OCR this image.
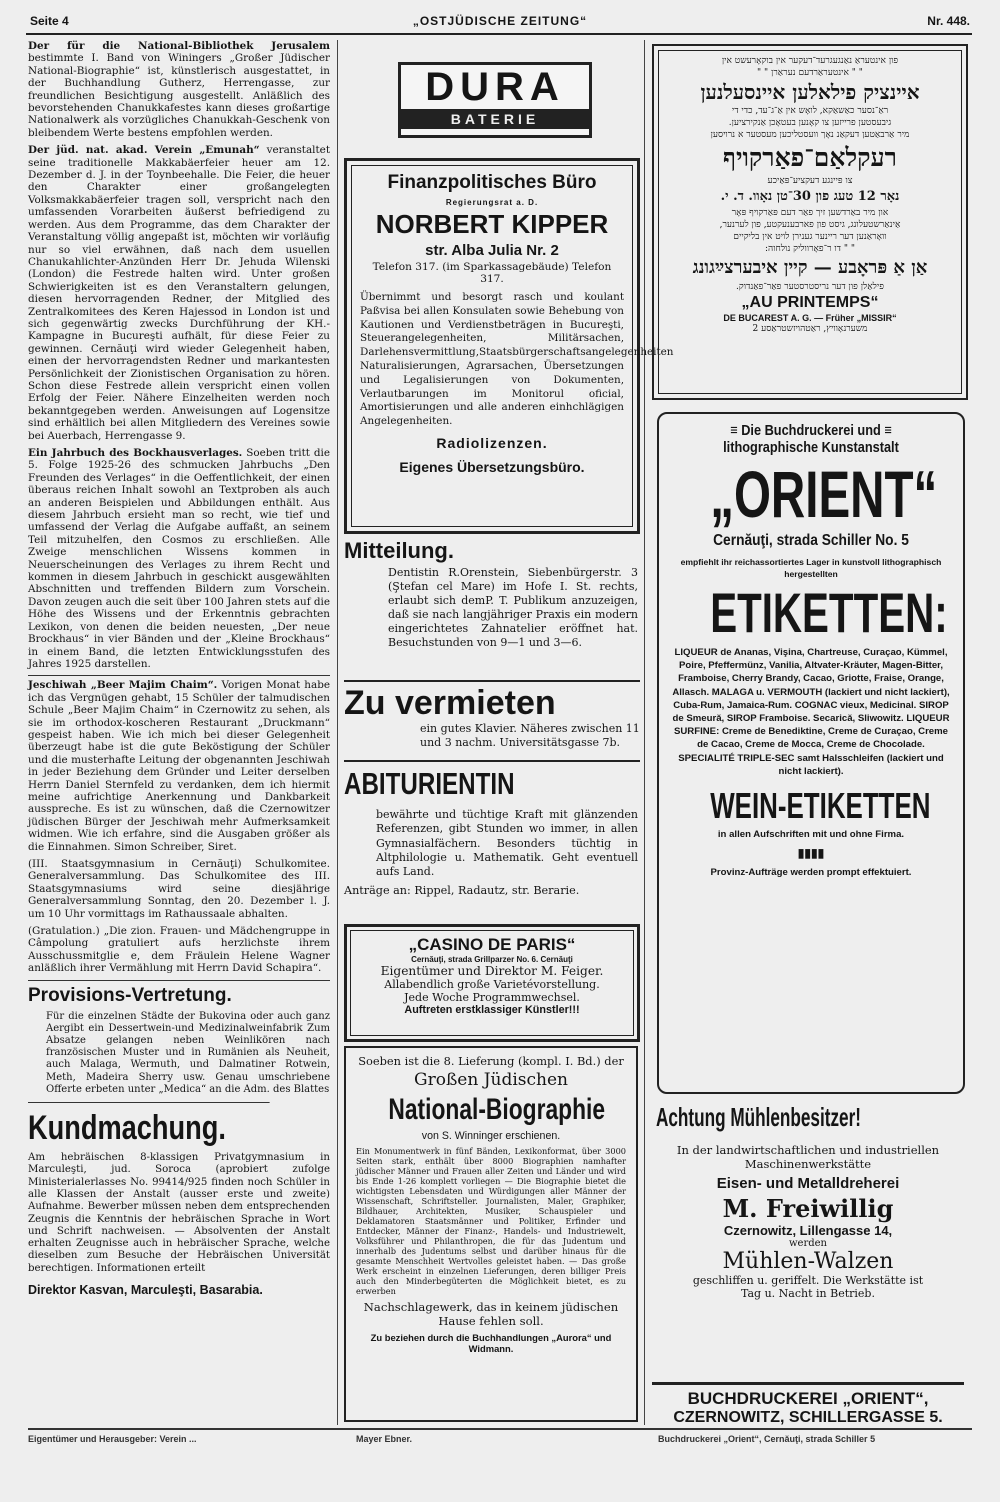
Seite 4	„OSTJÜDISCHE ZEITUNG“	Nr. 448.

Der für die National-Bibliothek Jerusalem bestimmte I. Band von Winingers „Großer Jüdischer National-Biographie“ ist, künstlerisch ausgestattet, in der Buchhandlung Gutherz, Herrengasse, zur freundlichen Besichtigung ausgestellt. Anläßlich des bevorstehenden Chanukkafestes kann dieses großartige Nationalwerk als vorzügliches Chanukkah-Geschenk von bleibendem Werte bestens empfohlen werden.

Der jüd. nat. akad. Verein „Emunah“ veranstaltet seine traditionelle Makkabäerfeier heuer am 12. Dezember d. J. in der Toynbeehalle. Die Feier, die heuer den Charakter einer großangelegten Volksmakkabäerfeier tragen soll, verspricht nach den umfassenden Vorarbeiten äußerst befriedigend zu werden. Aus dem Programme, das dem Charakter der Veranstaltung völlig angepaßt ist, möchten wir vorläufig nur so viel erwähnen, daß nach dem usuellen Chanukahlichter-Anzünden Herr Dr. Jehuda Wilenski (London) die Festrede halten wird. Unter großen Schwierigkeiten ist es den Veranstaltern gelungen, diesen hervorragenden Redner, der Mitglied des Zentralkomitees des Keren Hajessod in London ist und sich gegenwärtig zwecks Durchführung der KH.-Kampagne in Bucureşti aufhält, für diese Feier zu gewinnen. Cernăuţi wird wieder Gelegenheit haben, einen der hervorragendsten Redner und markantesten Persönlichkeit der Zionistischen Organisation zu hören. Schon diese Festrede allein verspricht einen vollen Erfolg der Feier. Nähere Einzelheiten werden noch bekanntgegeben werden. Anweisungen auf Logensitze sind erhältlich bei allen Mitgliedern des Vereines sowie bei Auerbach, Herrengasse 9.

Ein Jahrbuch des Bockhausverlages. Soeben tritt die 5. Folge 1925-26 des schmucken Jahrbuchs „Den Freunden des Verlages“ in die Oeffentlichkeit, der einen überaus reichen Inhalt sowohl an Textproben als auch an anderen Beispielen und Abbildungen enthält. Aus diesem Jahrbuch ersieht man so recht, wie tief und umfassend der Verlag die Aufgabe auffaßt, an seinem Teil mitzuhelfen, den Cosmos zu erschließen. Alle Zweige menschlichen Wissens kommen in Neuerscheinungen des Verlages zu ihrem Recht und kommen in diesem Jahrbuch in geschickt ausgewählten Abschnitten und treffenden Bildern zum Vorschein. Davon zeugen auch die seit über 100 Jahren stets auf die Höhe des Wissens und der Erkenntnis gebrachten Lexikon, von denen die beiden neuesten, „Der neue Brockhaus“ in vier Bänden und der „Kleine Brockhaus“ in einem Band, die letzten Entwicklungsstufen des Jahres 1925 darstellen.

Jeschiwah „Beer Majim Chaim“. Vorigen Monat habe ich das Vergnügen gehabt, 15 Schüler der talmudischen Schule „Beer Majim Chaim“ in Czernowitz zu sehen, als sie im orthodox-koscheren Restaurant „Druckmann“ gespeist haben. Wie ich mich bei dieser Gelegenheit überzeugt habe ist die gute Beköstigung der Schüler und die musterhafte Leitung der obgenannten Jeschiwah in jeder Beziehung dem Gründer und Leiter derselben Herrn Daniel Sternfeld zu verdanken, dem ich hiermit meine aufrichtige Anerkennung und Dankbarkeit ausspreche. Es ist zu wünschen, daß die Czernowitzer jüdischen Bürger der Jeschiwah mehr Aufmerksamkeit widmen. Wie ich erfahre, sind die Ausgaben größer als die Einnahmen. Simon Schreiber, Siret.

(III. Staatsgymnasium in Cernăuţi) Schulkomitee. Generalversammlung. Das Schulkomitee des III. Staatsgymnasiums wird seine diesjährige Generalversammlung Sonntag, den 20. Dezember l. J. um 10 Uhr vormittags im Rathaussaale abhalten.

(Gratulation.) „Die zion. Frauen- und Mädchengruppe in Câmpolung gratuliert aufs herzlichste ihrem Ausschussmitglie e, dem Fräulein Helene Wagner anläßlich ihrer Vermählung mit Herrn David Schapira“.

Provisions-Vertretung.
Für die einzelnen Städte der Bukovina oder auch ganz Aergibt ein Dessertwein-und Medizinalweinfabrik Zum Absatze gelangen neben Weinlikören nach französischen Muster und in Rumänien als Neuheit, auch Malaga, Wermuth, und Dalmatiner Rotwein, Meth, Madeira Sherry usw. Genau umschriebene Offerte erbeten unter „Medica“ an die Adm. des Blattes
Kundmachung.
Am hebräischen 8-klassigen Privatgymnasium in Marculeşti, jud. Soroca (aprobiert zufolge Ministerialerlasses No. 99414/925 finden noch Schüler in alle Klassen der Anstalt (ausser erste und zweite) Aufnahme. Bewerber müssen neben dem entsprechenden Zeugnis die Kenntnis der hebräischen Sprache in Wort und Schrift nachweisen. — Absolventen der Anstalt erhalten Zeugnisse auch in hebräischer Sprache, welche dieselben zum Besuche der Hebräischen Universität berechtigen. Informationen erteilt
Direktor Kasvan, Marculeşti, Basarabia.
DURA
BATERIE
Finanzpolitisches Büro
Regierungsrat a. D.
NORBERT KIPPER
str. Alba Julia Nr. 2
Telefon 317. (im Sparkassagebäude) Telefon 317.
Übernimmt und besorgt rasch und koulant Paßvisa bei allen Konsulaten sowie Behebung von Kautionen und Verdienstbeträgen in Bucureşti, Steuerangelegenheiten, Militärsachen, Darlehensvermittlung,Staatsbürgerschaftsangelegenheiten Naturalisierungen, Agrarsachen, Übersetzungen und Legalisierungen von Dokumenten, Verlautbarungen im Monitorul oficial, Amortisierungen und alle anderen einhchlägigen Angelegenheiten.
Radiolizenzen.
Eigenes Übersetzungsbüro.
Mitteilung.
Dentistin R.Orenstein, Siebenbürgerstr. 3 (Ştefan cel Mare) im Hofe I. St. rechts, erlaubt sich demP. T. Publikum anzuzeigen, daß sie nach langjähriger Praxis ein modern eingerichtetes Zahnatelier eröffnet hat. Besuchstunden von 9—1 und 3—6.
Zu vermieten
ein gutes Klavier. Näheres zwischen 11 und 3 nachm. Universitätsgasse 7b.
ABITURIENTIN
bewährte und tüchtige Kraft mit glänzenden Referenzen, gibt Stunden wo immer, in allen Gymnasialfächern. Besonders tüchtig in Altphilologie u. Mathematik. Geht eventuell aufs Land.
Anträge an: Rippel, Radautz, str. Berarie.
„CASINO DE PARIS“
Cernăuţi, strada Grillparzer No. 6. Cernăuţi
Eigentümer und Direktor M. Feiger.
Allabendlich große Varietévorstellung.
Jede Woche Programmwechsel.
Auftreten erstklassiger Künstler!!!
Soeben ist die 8. Lieferung (kompl. I. Bd.) der
Großen Jüdischen
National-Biographie
von S. Winninger erschienen.
Ein Monumentwerk in fünf Bänden, Lexikonformat, über 3000 Seiten stark, enthält über 8000 Biographien namhafter jüdischer Männer und Frauen aller Zeiten und Länder und wird bis Ende 1-26 komplett vorliegen — Die Biographie bietet die wichtigsten Lebensdaten und Würdigungen aller Männer der Wissenschaft, Schriftsteller. Journalisten, Maler, Graphiker, Bildhauer, Architekten, Musiker, Schauspieler und Deklamatoren Staatsmänner und Politiker, Erfinder und Entdecker, Männer der Finanz-, Handels- und Industriewelt, Volksführer und Philanthropen, die für das Judentum und innerhalb des Judentums selbst und darüber hinaus für die gesamte Menschheit Wertvolles geleistet haben. — Das große Werk erscheint in einzelnen Lieferungen, deren billiger Preis auch den Minderbegüterten die Möglichkeit bietet, es zu erwerben
Nachschlagewerk, das in keinem jüdischen Hause fehlen soll.
Zu beziehen durch die Buchhandlungen „Aurora“ und Widmann.
פון אינטעראַ נאַנגעגרעד־דעקער אין בוקאָרעשט אין
" " אינטעראַרדעם נעראַרן " "
איינציק פילאלען איינסעלנען
ראַ־נסער כאַשאַקא, לואָש אין אַ־ג־עד, כדי די
גיבעסטען פרייזען צו קאָנען בעטאָכן אַנקירציען.
מיר אַרבאַטען דעקאַנ נאָך וועסטליכען מעסטער א נרויסען
רעקלאַם־פאַרקויף
צו פּיינגע דעקציע־פּאַיכע
נאָר 12 טעג פון 30־טן נאָוו. ד. י.
און מיר באַרדשען זיך פאַר דעם פּאַרקויף פּאָר
אַינאַרשטעלונג, גיסט פון פארבענעקטע, פון לערנער,
וואָראַנען דער ריינער גענירן לויט אין בליקיים
" " דו ר־פאָרווליק נולחוה:
אַן אַ פּראָבע — קיין איבערצײַגונג
פילאַלן פון דער נריסטרסטער פאַר־פאַנדוק.
„AU PRINTEMPS“
DE BUCAREST A. G. — Früher „MISSIR“
משערנאָוויץ, ראַטהויזשטראַסע 2
≡ Die Buchdruckerei und ≡
lithographische Kunstanstalt
„ORIENT“
Cernăuţi, strada Schiller No. 5
empfiehlt ihr reichassortiertes Lager in kunstvoll lithographisch hergestellten
ETIKETTEN:
LIQUEUR de Ananas, Vişina, Chartreuse, Curaçao, Kümmel, Poire, Pfeffermünz, Vanilia, Altvater-Kräuter, Magen-Bitter, Framboise, Cherry Brandy, Cacao, Griotte, Fraise, Orange, Allasch. MALAGA u. VERMOUTH (lackiert und nicht lackiert), Cuba-Rum, Jamaica-Rum. COGNAC vieux, Medicinal. SIROP de Smeură, SIROP Framboise. Secarică, Sliwowitz. LIQUEUR SURFINE: Creme de Benediktine, Creme de Curaçao, Creme de Cacao, Creme de Mocca, Creme de Chocolade. SPECIALITÉ TRIPLE-SEC samt Halsschleifen (lackiert und nicht lackiert).
WEIN-ETIKETTEN
in allen Aufschriften mit und ohne Firma.
▮▮▮▮
Provinz-Aufträge werden prompt effektuiert.
Achtung Mühlenbesitzer!
In der landwirtschaftlichen und industriellen Maschinenwerkstätte
Eisen- und Metalldreherei
M. Freiwillig
Czernowitz, Lillengasse 14,
werden
Mühlen-Walzen
geschliffen u. geriffelt. Die Werkstätte ist Tag u. Nacht in Betrieb.
BUCHDRUCKEREI „ORIENT“,
CZERNOWITZ, SCHILLERGASSE 5.
Eigentümer und Herausgeber: Verein ...	Mayer Ebner.	Buchdruckerei „Orient“, Cernăuţi, strada Schiller 5
